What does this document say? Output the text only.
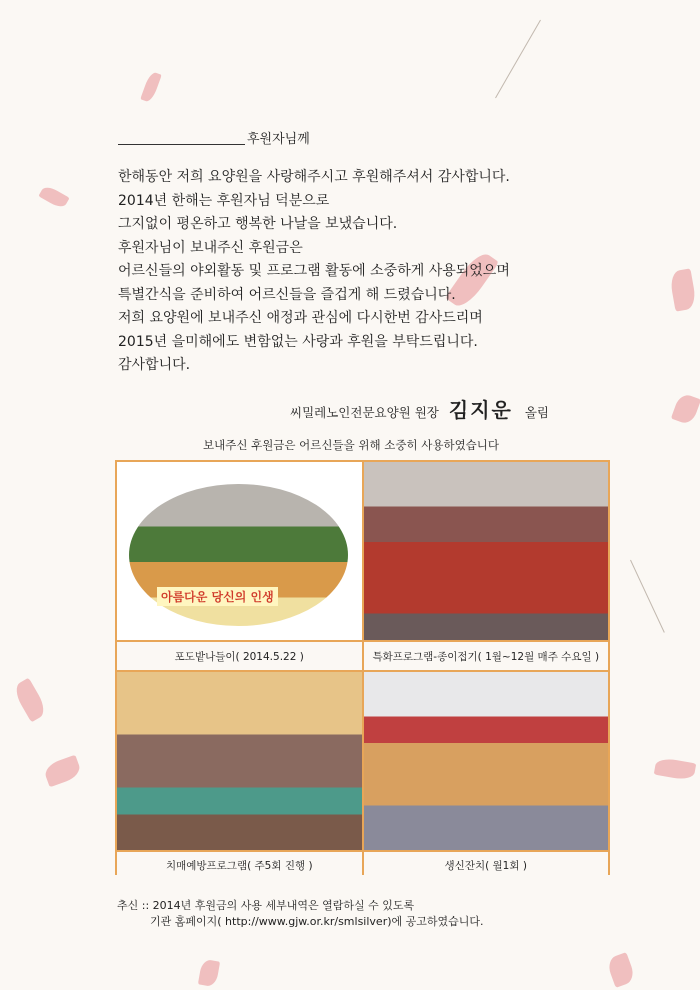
후원자님께
한해동안 저희 요양원을 사랑해주시고 후원해주셔서 감사합니다.
2014년 한해는 후원자님 덕분으로
그지없이 평온하고 행복한 나날을 보냈습니다.
후원자님이 보내주신 후원금은
어르신들의 야외활동 및 프로그램 활동에 소중하게 사용되었으며
특별간식을 준비하여 어르신들을 즐겁게 해 드렸습니다.
저희 요양원에 보내주신 애정과 관심에 다시한번 감사드리며
2015년 을미해에도 변함없는 사랑과 후원을 부탁드립니다.
감사합니다.
씨밀레노인전문요양원 원장 김지운 올림
보내주신 후원금은 어르신들을 위해 소중히 사용하였습니다
아름다운 당신의 인생
포도밭나들이( 2014.5.22 )	특화프로그램-종이접기( 1월~12월 매주 수요일 )
치매예방프로그램( 주5회 진행 )	생신잔치( 월1회 )
추신 :: 2014년 후원금의 사용 세부내역은 열람하실 수 있도록
기관 홈페이지( http://www.gjw.or.kr/smlsilver)에 공고하였습니다.
